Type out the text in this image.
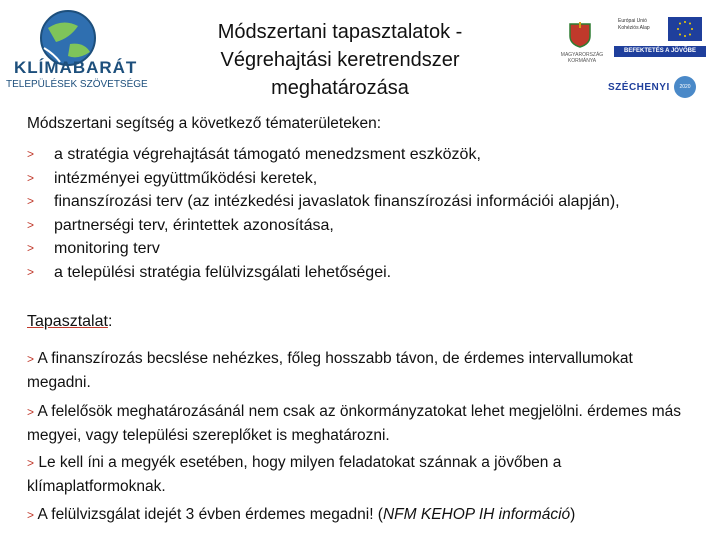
KLÍMABARÁT
TELEPÜLÉSEK SZÖVETSÉGE
Módszertani tapasztalatok - Végrehajtási keretrendszer meghatározása
MAGYARORSZÁG KORMÁNYA
Európai Unió Kohéziós Alap
BEFEKTETÉS A JÖVŐBE
SZÉCHENYI	2020
Módszertani segítség a következő tématerületeken:
> a stratégia végrehajtását támogató menedzsment eszközök,
> intézményei együttműködési keretek,
> finanszírozási terv (az intézkedési javaslatok finanszírozási információi alapján),
> partnerségi terv, érintettek azonosítása,
> monitoring terv
> a települési stratégia felülvizsgálati lehetőségei.
Tapasztalat:
> A finanszírozás becslése nehézkes, főleg hosszabb távon, de érdemes intervallumokat megadni.
> A felelősök meghatározásánál nem csak az önkormányzatokat lehet megjelölni. érdemes más megyei, vagy települési szereplőket is meghatározni.
> Le kell íni a megyék esetében, hogy milyen feladatokat szánnak a jövőben a klímaplatformoknak.
> A felülvizsgálat idejét 3 évben érdemes megadni! (NFM KEHOP IH információ)
